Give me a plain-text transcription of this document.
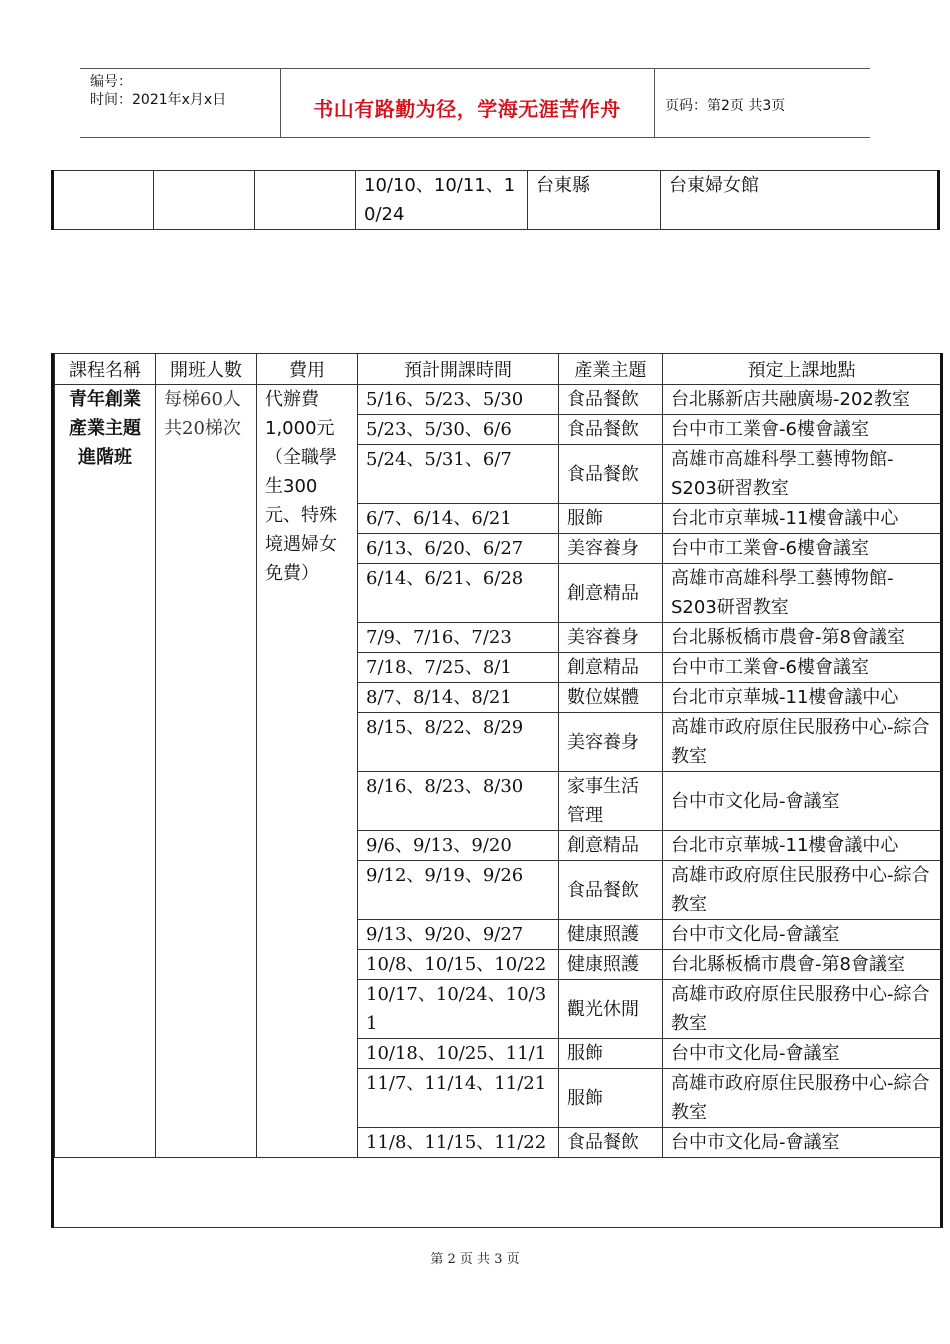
编号：
时间：2021年x月x日	书山有路勤为径，学海无涯苦作舟	页码：第2页 共3页
			10/10、10/11、10/24	台東縣	台東婦女館
課程名稱	開班人數	費用	預計開課時間	產業主題	預定上課地點
青年創業產業主題進階班	每梯60人 共20梯次	代辦費1,000元（全職學生300元、特殊境遇婦女免費）	5/16、5/23、5/30	食品餐飲	台北縣新店共融廣場-202教室
			5/23、5/30、6/6	食品餐飲	台中市工業會-6樓會議室
			5/24、5/31、6/7	食品餐飲	高雄市高雄科學工藝博物館-S203研習教室
			6/7、6/14、6/21	服飾	台北市京華城-11樓會議中心
			6/13、6/20、6/27	美容養身	台中市工業會-6樓會議室
			6/14、6/21、6/28	創意精品	高雄市高雄科學工藝博物館-S203研習教室
			7/9、7/16、7/23	美容養身	台北縣板橋市農會-第8會議室
			7/18、7/25、8/1	創意精品	台中市工業會-6樓會議室
			8/7、8/14、8/21	數位媒體	台北市京華城-11樓會議中心
			8/15、8/22、8/29	美容養身	高雄市政府原住民服務中心-綜合教室
			8/16、8/23、8/30	家事生活管理	台中市文化局-會議室
			9/6、9/13、9/20	創意精品	台北市京華城-11樓會議中心
			9/12、9/19、9/26	食品餐飲	高雄市政府原住民服務中心-綜合教室
			9/13、9/20、9/27	健康照護	台中市文化局-會議室
			10/8、10/15、10/22	健康照護	台北縣板橋市農會-第8會議室
			10/17、10/24、10/31	觀光休閒	高雄市政府原住民服務中心-綜合教室
			10/18、10/25、11/1	服飾	台中市文化局-會議室
			11/7、11/14、11/21	服飾	高雄市政府原住民服務中心-綜合教室
			11/8、11/15、11/22	食品餐飲	台中市文化局-會議室
第 2 页 共 3 页
